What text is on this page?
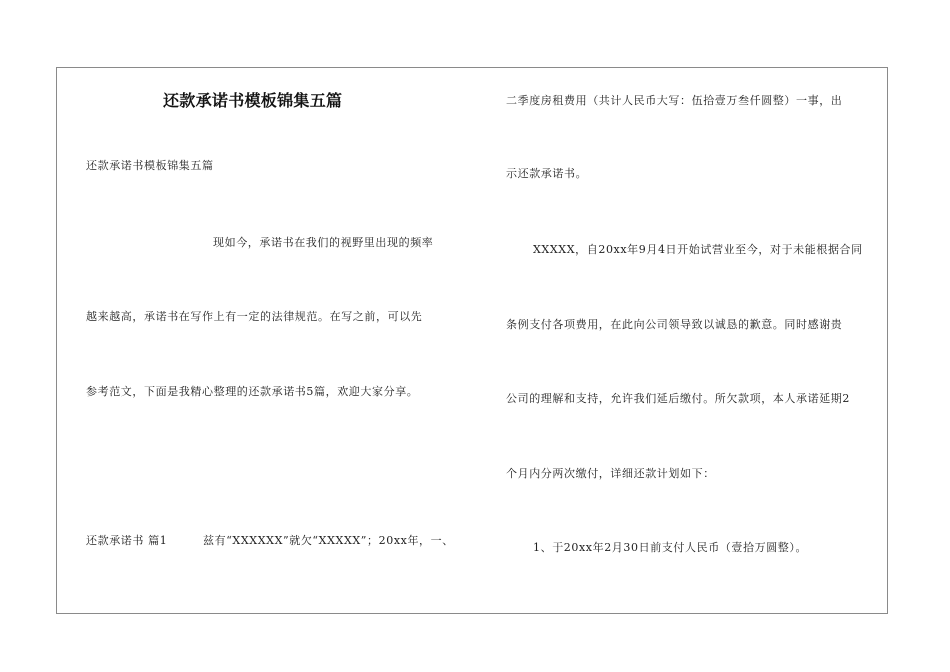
还款承诺书模板锦集五篇
还款承诺书模板锦集五篇
现如今，承诺书在我们的视野里出现的频率
越来越高，承诺书在写作上有一定的法律规范。在写之前，可以先
参考范文，下面是我精心整理的还款承诺书5篇，欢迎大家分享。
还款承诺书 篇1	兹有“XXXXXX”就欠“XXXXX”；20xx年，一、
二季度房租费用（共计人民币大写：伍拾壹万叁仟圆整）一事，出
示还款承诺书。
XXXXX，自20xx年9月4日开始试营业至今，对于未能根据合同
条例支付各项费用，在此向公司领导致以诚恳的歉意。同时感谢贵
公司的理解和支持，允许我们延后缴付。所欠款项，本人承诺延期2
个月内分两次缴付，详细还款计划如下：
1、于20xx年2月30日前支付人民币（壹拾万圆整）。
